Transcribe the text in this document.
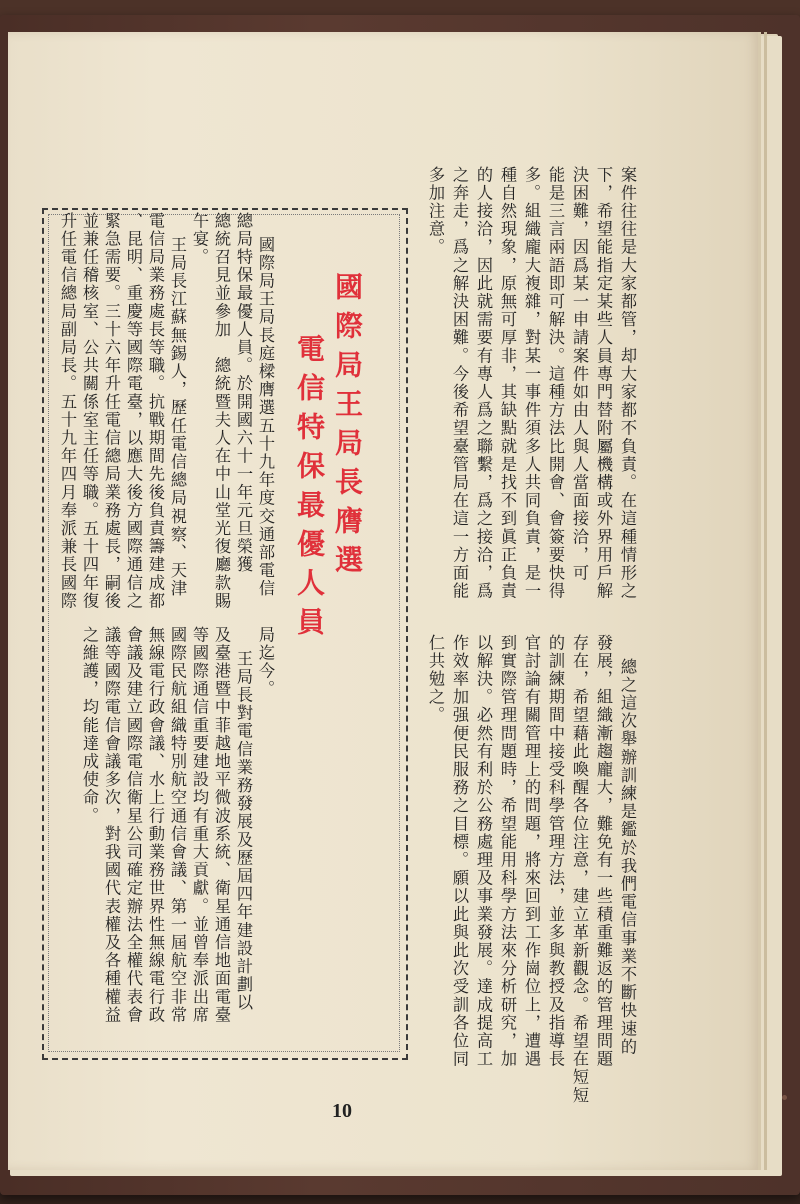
案件往往是大家都管，却大家都不負責。在這種情形之

下，希望能指定某些人員專門替附屬機構或外界用戶解

決困難，因爲某一申請案件如由人與人當面接洽，可

能是三言兩語即可解決。這種方法比開會、會簽要快得

多。組織龐大複雜，對某一事件須多人共同負責，是一

種自然現象，原無可厚非，其缺點就是找不到眞正負責

的人接洽，因此就需要有專人爲之聯繫，爲之接洽，爲

之奔走，爲之解決困難。今後希望臺管局在這一方面能

多加注意。

總之這次舉辦訓練是鑑於我們電信事業不斷快速的

發展，組織漸趨龐大，難免有一些積重難返的管理問題

存在，希望藉此喚醒各位注意，建立革新觀念。希望在短短

的訓練期間中接受科學管理方法，並多與教授及指導長

官討論有關管理上的問題，將來回到工作崗位上，遭遇

到實際管理問題時，希望能用科學方法來分析研究，加

以解決。必然有利於公務處理及事業發展。達成提高工

作效率加强便民服務之目標。願以此與此次受訓各位同

仁共勉之。

國際局王局長膺選
電信特保最優人員

國際局王局長庭樑膺選五十九年度交通部電信

總局特保最優人員。於開國六十一年元旦榮獲

總統召見並參加　總統暨夫人在中山堂光復廳款賜

午宴。

王局長江蘇無錫人，歷任電信總局視察、天津

電信局業務處長等職。抗戰期間先後負責籌建成都

、昆明、重慶等國際電臺，以應大後方國際通信之

緊急需要。三十六年升任電信總局業務處長，嗣後

並兼任稽核室、公共關係室主任等職。五十四年復

升任電信總局副局長。五十九年四月奉派兼長國際

局迄今。

王局長對電信業務發展及歷屆四年建設計劃以

及臺港暨中菲越地平微波系統、衛星通信地面電臺

等國際通信重要建設均有重大貢獻。並曾奉派出席

國際民航組織特別航空通信會議、第一屆航空非常

無線電行政會議、水上行動業務世界性無線電行政

會議及建立國際電信衛星公司確定辦法全權代表會

議等國際電信會議多次，對我國代表權及各種權益

之維護，均能達成使命。

10
